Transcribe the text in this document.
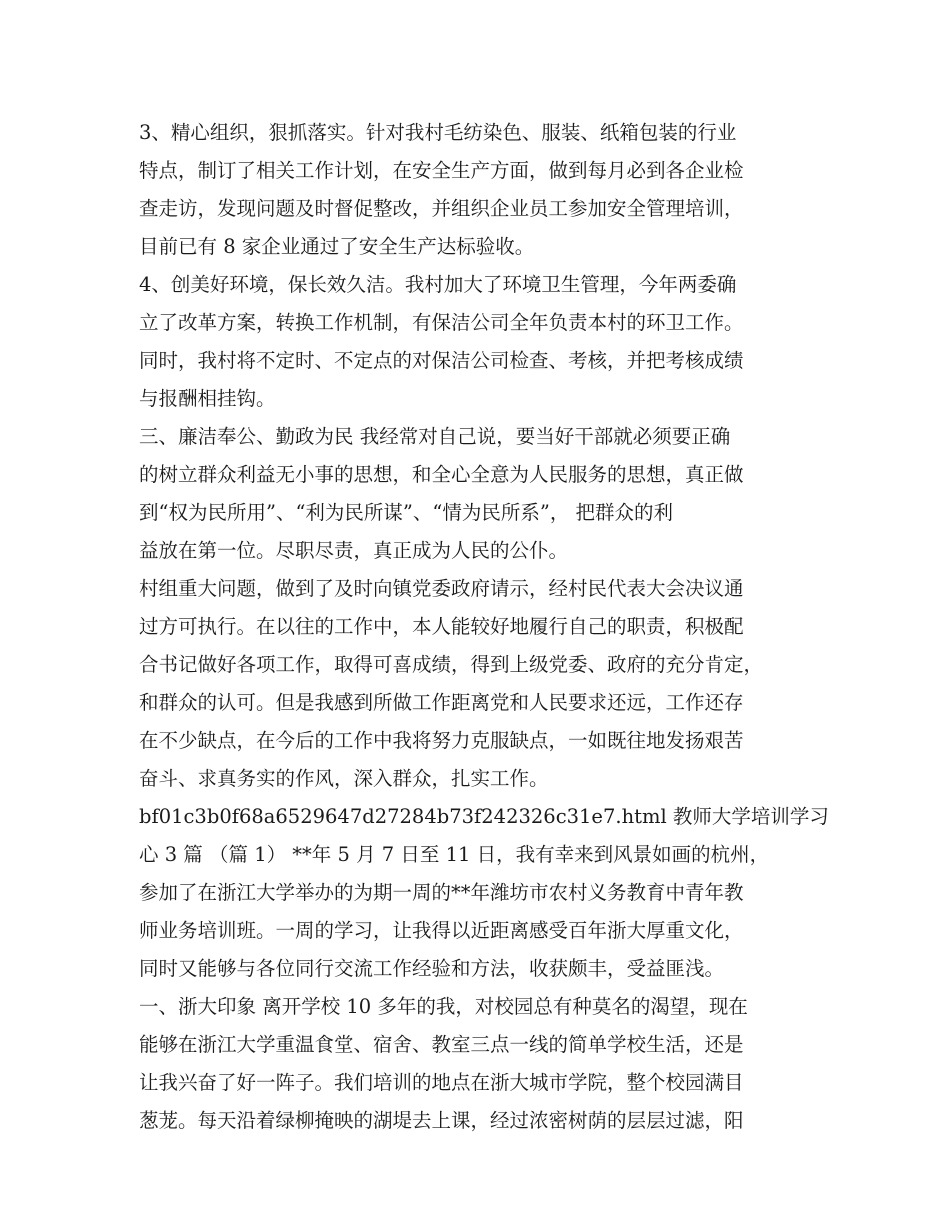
3、精心组织，狠抓落实。针对我村毛纺染色、服装、纸箱包装的行业
特点，制订了相关工作计划，在安全生产方面，做到每月必到各企业检
查走访，发现问题及时督促整改，并组织企业员工参加安全管理培训，
目前已有 8 家企业通过了安全生产达标验收。
4、创美好环境，保长效久洁。我村加大了环境卫生管理，今年两委确
立了改革方案，转换工作机制，有保洁公司全年负责本村的环卫工作。
同时，我村将不定时、不定点的对保洁公司检查、考核，并把考核成绩
与报酬相挂钩。
三、廉洁奉公、勤政为民 我经常对自己说，要当好干部就必须要正确
的树立群众利益无小事的思想，和全心全意为人民服务的思想，真正做
到“权为民所用”、“利为民所谋”、“情为民所系”， 把群众的利
益放在第一位。尽职尽责，真正成为人民的公仆。
村组重大问题，做到了及时向镇党委政府请示，经村民代表大会决议通
过方可执行。在以往的工作中，本人能较好地履行自己的职责，积极配
合书记做好各项工作，取得可喜成绩，得到上级党委、政府的充分肯定，
和群众的认可。但是我感到所做工作距离党和人民要求还远，工作还存
在不少缺点，在今后的工作中我将努力克服缺点，一如既往地发扬艰苦
奋斗、求真务实的作风，深入群众，扎实工作。
bf01c3b0f68a6529647d27284b73f242326c31e7.html 教师大学培训学习
心 3 篇 （篇 1） **年 5 月 7 日至 11 日，我有幸来到风景如画的杭州，
参加了在浙江大学举办的为期一周的**年潍坊市农村义务教育中青年教
师业务培训班。一周的学习，让我得以近距离感受百年浙大厚重文化，
同时又能够与各位同行交流工作经验和方法，收获颇丰，受益匪浅。
一、浙大印象 离开学校 10 多年的我，对校园总有种莫名的渴望，现在
能够在浙江大学重温食堂、宿舍、教室三点一线的简单学校生活，还是
让我兴奋了好一阵子。我们培训的地点在浙大城市学院，整个校园满目
葱茏。每天沿着绿柳掩映的湖堤去上课，经过浓密树荫的层层过滤，阳
